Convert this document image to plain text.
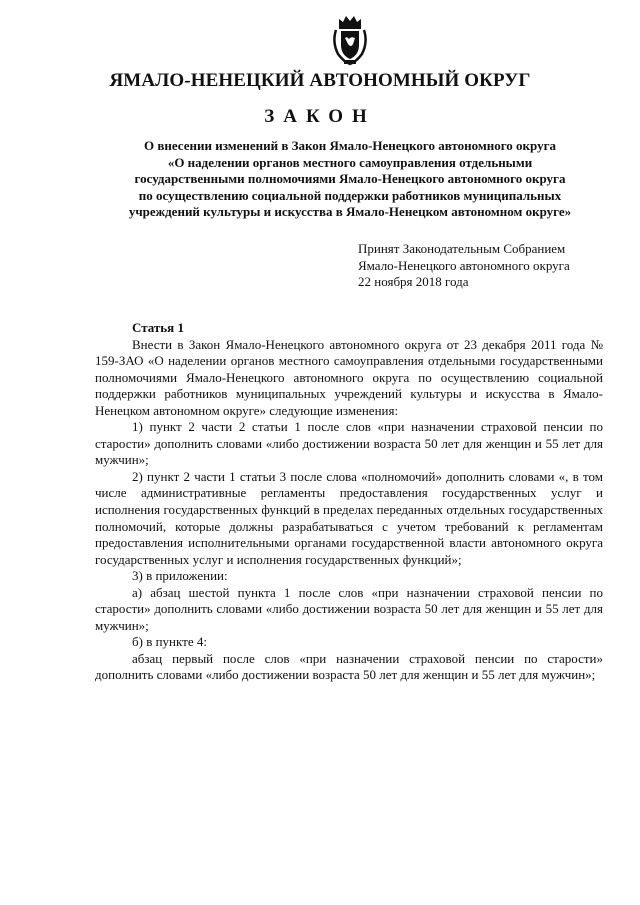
ЯМАЛО-НЕНЕЦКИЙ АВТОНОМНЫЙ ОКРУГ
ЗАКОН
О внесении изменений в Закон Ямало-Ненецкого автономного округа
«О наделении органов местного самоуправления отдельными
государственными полномочиями Ямало-Ненецкого автономного округа
по осуществлению социальной поддержки работников муниципальных
учреждений культуры и искусства в Ямало-Ненецком автономном округе»
Принят Законодательным Собранием
Ямало-Ненецкого автономного округа
22 ноября 2018 года
Статья 1

Внести в Закон Ямало-Ненецкого автономного округа от 23 декабря 2011 года № 159-ЗАО «О наделении органов местного самоуправления отдельными государственными полномочиями Ямало-Ненецкого автономного округа по осуществлению социальной поддержки работников муниципальных учреждений культуры и искусства в Ямало-Ненецком автономном округе» следующие изменения:

1) пункт 2 части 2 статьи 1 после слов «при назначении страховой пенсии по старости» дополнить словами «либо достижении возраста 50 лет для женщин и 55 лет для мужчин»;

2) пункт 2 части 1 статьи 3 после слова «полномочий» дополнить словами «, в том числе административные регламенты предоставления государственных услуг и исполнения государственных функций в пределах переданных отдельных государственных полномочий, которые должны разрабатываться с учетом требований к регламентам предоставления исполнительными органами государственной власти автономного округа государственных услуг и исполнения государственных функций»;

3) в приложении:

а) абзац шестой пункта 1 после слов «при назначении страховой пенсии по старости» дополнить словами «либо достижении возраста 50 лет для женщин и 55 лет для мужчин»;

б) в пункте 4:

абзац первый после слов «при назначении страховой пенсии по старости» дополнить словами «либо достижении возраста 50 лет для женщин и 55 лет для мужчин»;
